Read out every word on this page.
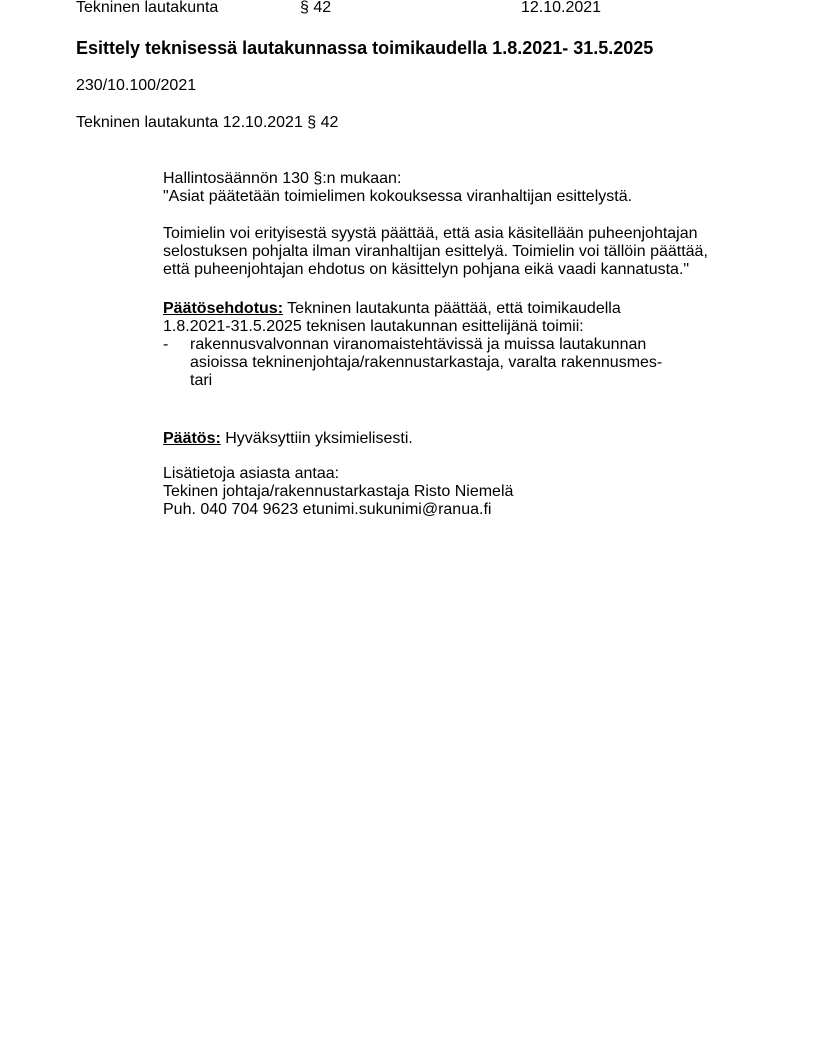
Tekninen lautakunta	§ 42	12.10.2021
Esittely teknisessä lautakunnassa toimikaudella 1.8.2021- 31.5.2025
230/10.100/2021
Tekninen lautakunta 12.10.2021 § 42

Hallintosäännön 130 §:n mukaan:

"Asiat päätetään toimielimen kokouksessa viranhaltijan esittelystä.

Toimielin voi erityisestä syystä päättää, että asia käsitellään puheenjohtajan

selostuksen pohjalta ilman viranhaltijan esittelyä. Toimielin voi tällöin päättää,

että puheenjohtajan ehdotus on käsittelyn pohjana eikä vaadi kannatusta."

Päätösehdotus: Tekninen lautakunta päättää, että toimikaudella

1.8.2021-31.5.2025 teknisen lautakunnan esittelijänä toimii:

- rakennusvalvonnan viranomaistehtävissä ja muissa lautakunnan

asioissa tekninenjohtaja/rakennustarkastaja, varalta rakennusmes-

tari

Päätös: Hyväksyttiin yksimielisesti.

Lisätietoja asiasta antaa:

Tekinen johtaja/rakennustarkastaja Risto Niemelä

Puh. 040 704 9623 etunimi.sukunimi@ranua.fi
